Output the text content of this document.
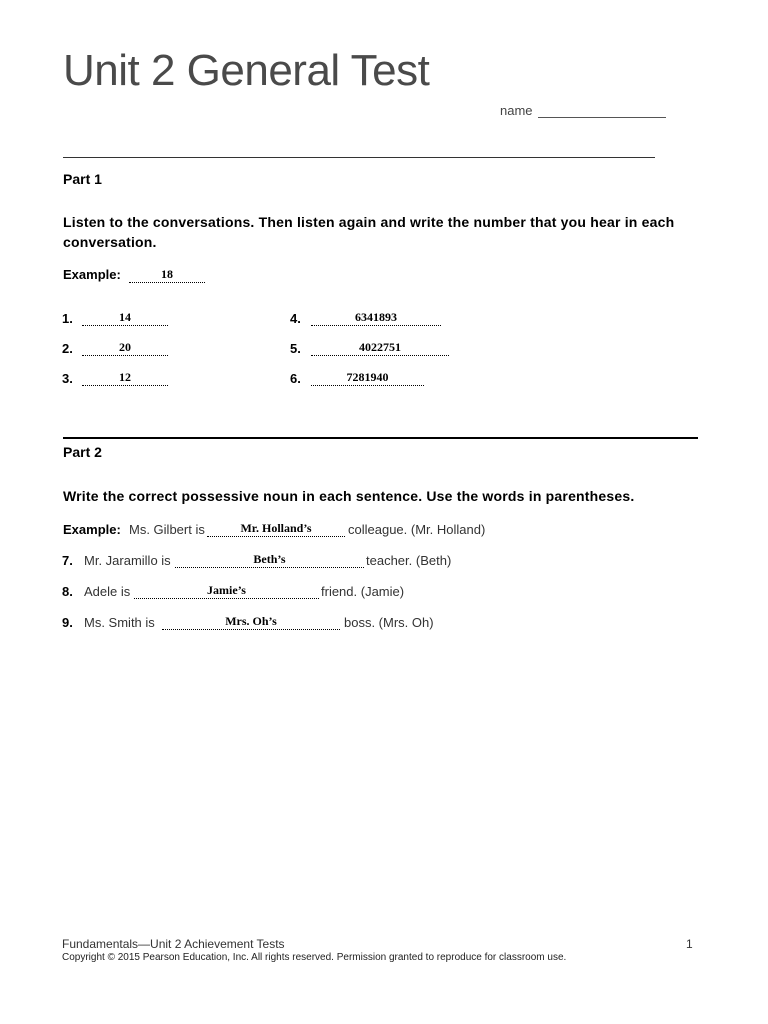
Unit 2 General Test
name
Part 1
Listen to the conversations. Then listen again and write the number that you hear in each conversation.
Example:	18
1.	14
2.	20
3.	12
4.	6341893
5.	4022751
6.	7281940
Part 2
Write the correct possessive noun in each sentence. Use the words in parentheses.
Example: Ms. Gilbert is	Mr. Holland’s	colleague. (Mr. Holland)
7. Mr. Jaramillo is	Beth’s	teacher. (Beth)
8. Adele is	Jamie’s	friend. (Jamie)
9. Ms. Smith is	Mrs. Oh’s	boss. (Mrs. Oh)
Fundamentals—Unit 2 Achievement Tests	1
Copyright © 2015 Pearson Education, Inc. All rights reserved. Permission granted to reproduce for classroom use.
